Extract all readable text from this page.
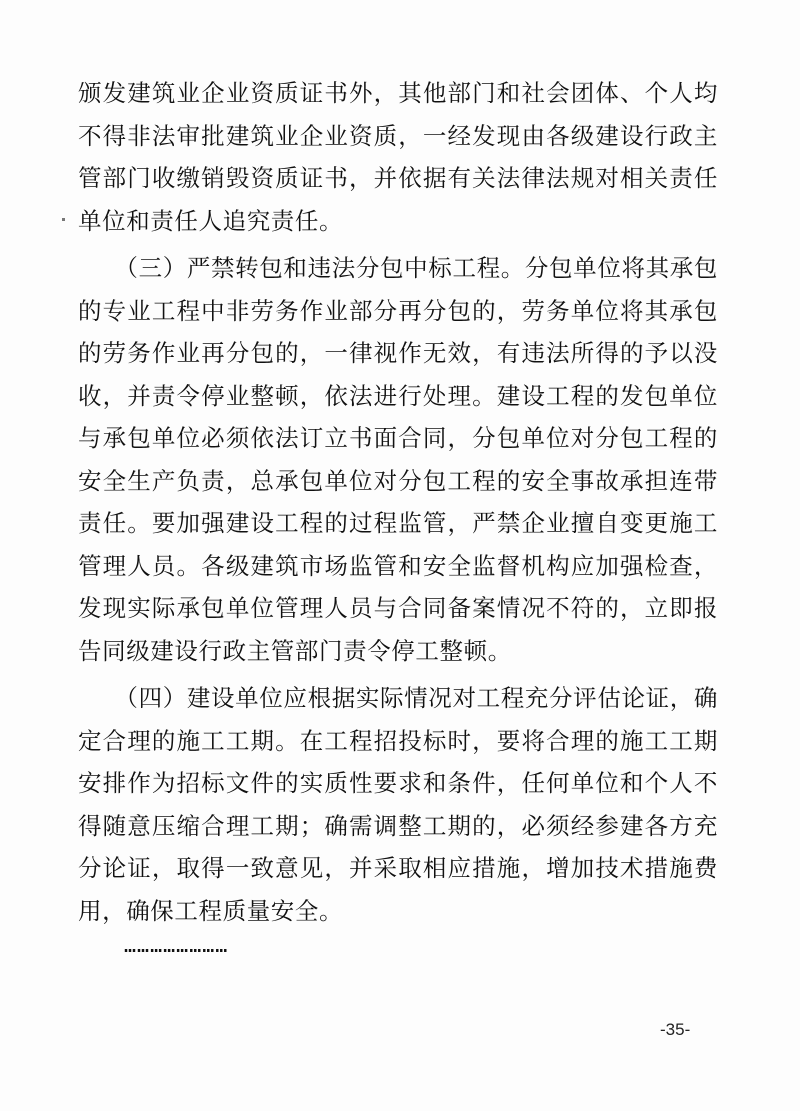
颁发建筑业企业资质证书外，其他部门和社会团体、个人均不得非法审批建筑业企业资质，一经发现由各级建设行政主管部门收缴销毁资质证书，并依据有关法律法规对相关责任单位和责任人追究责任。

（三）严禁转包和违法分包中标工程。分包单位将其承包的专业工程中非劳务作业部分再分包的，劳务单位将其承包的劳务作业再分包的，一律视作无效，有违法所得的予以没收，并责令停业整顿，依法进行处理。建设工程的发包单位与承包单位必须依法订立书面合同，分包单位对分包工程的安全生产负责，总承包单位对分包工程的安全事故承担连带责任。要加强建设工程的过程监管，严禁企业擅自变更施工管理人员。各级建筑市场监管和安全监督机构应加强检查，发现实际承包单位管理人员与合同备案情况不符的，立即报告同级建设行政主管部门责令停工整顿。

（四）建设单位应根据实际情况对工程充分评估论证，确定合理的施工工期。在工程招投标时，要将合理的施工工期安排作为招标文件的实质性要求和条件，任何单位和个人不得随意压缩合理工期；确需调整工期的，必须经参建各方充分论证，取得一致意见，并采取相应措施，增加技术措施费用，确保工程质量安全。

……………………
-35-
